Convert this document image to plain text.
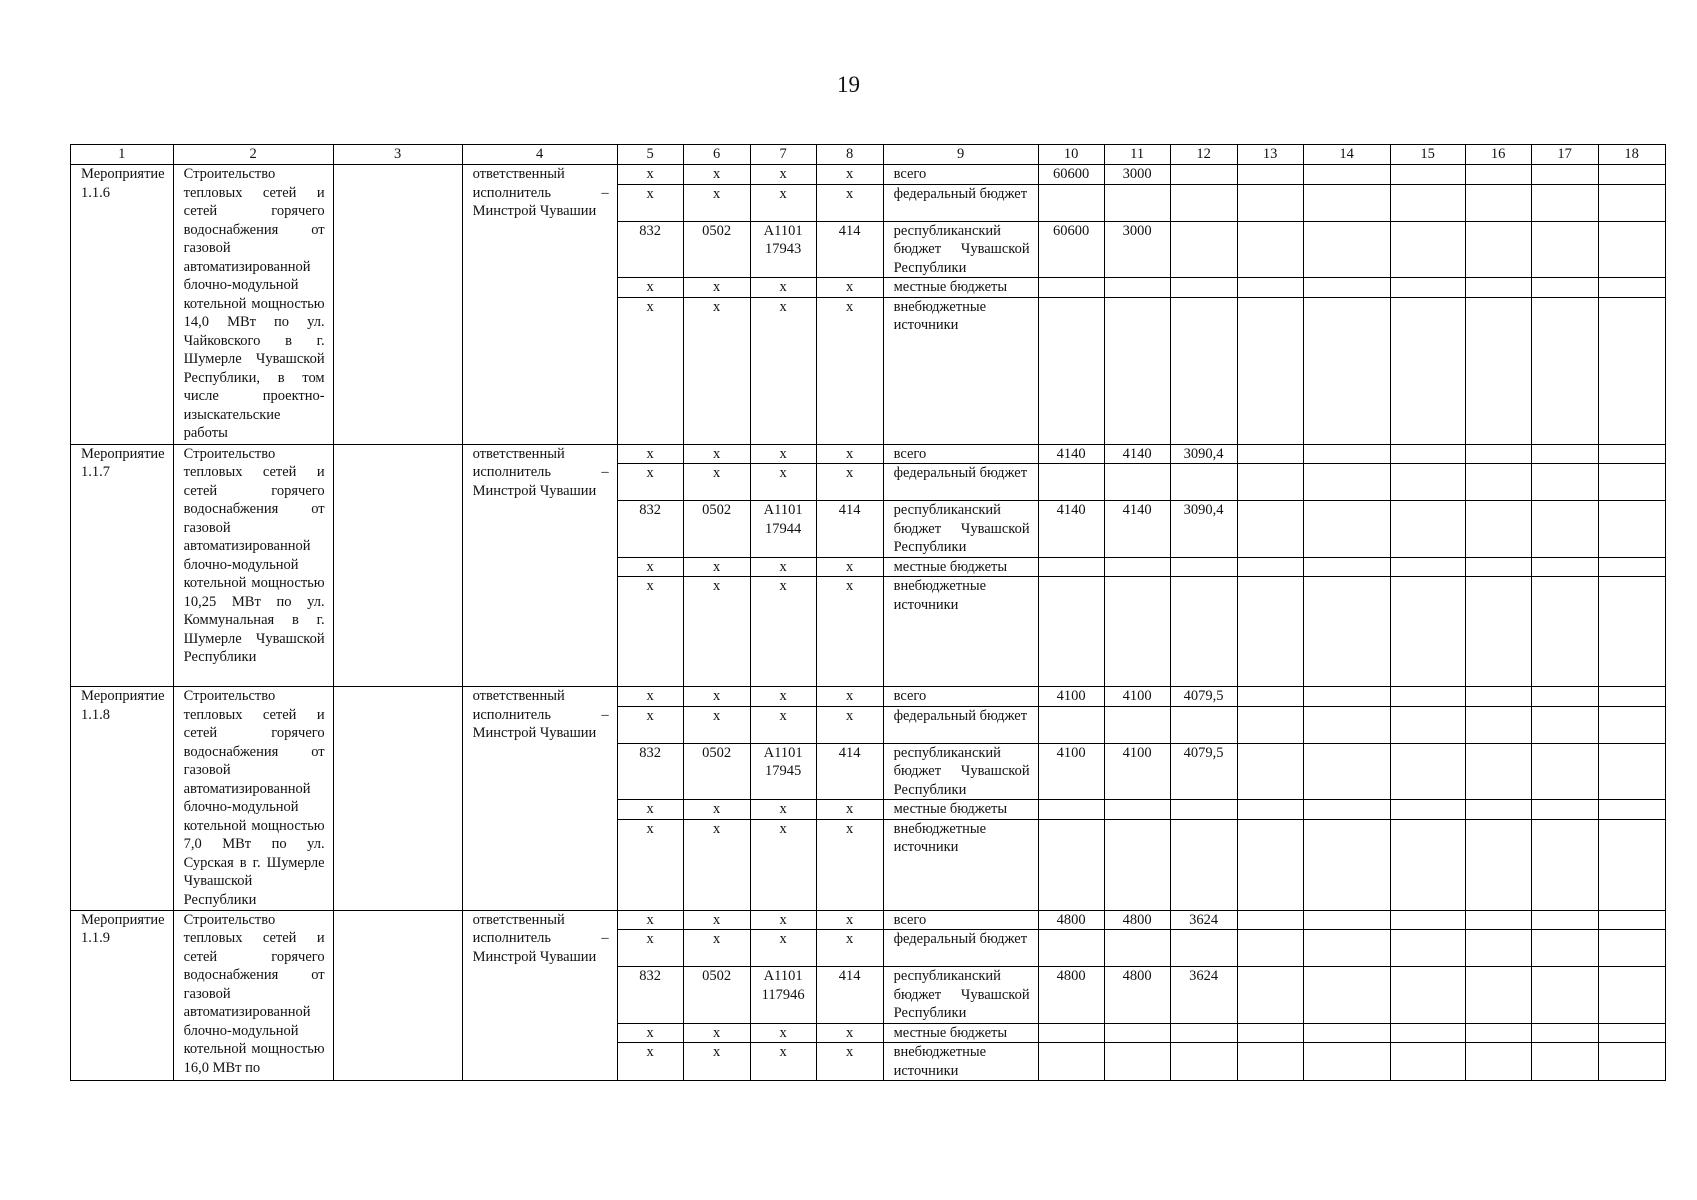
19
1	2	3	4	5	6	7	8	9	10	11	12	13	14	15	16	17	18
Мероприятие 1.1.6	Строительство тепловых сетей и сетей горячего водоснабжения от газовой автоматизированной блочно-модульной котельной мощностью 14,0 МВт по ул. Чайковского в г. Шумерле Чувашской Республики, в том числе проектно-изыскательские работы		ответственный исполнитель – Минстрой Чувашии	х	х	х	х	всего	60600	3000							
				х	х	х	х	федеральный бюджет									
				832	0502	А1101 17943	414	республиканский бюджет Чувашской Республики	60600	3000							
				х	х	х	х	местные бюджеты									
				х	х	х	х	внебюджетные источники									
Мероприятие 1.1.7	Строительство тепловых сетей и сетей горячего водоснабжения от газовой автоматизированной блочно-модульной котельной мощностью 10,25 МВт по ул. Коммунальная в г. Шумерле Чувашской Республики		ответственный исполнитель – Минстрой Чувашии	х	х	х	х	всего	4140	4140	3090,4						
				х	х	х	х	федеральный бюджет									
				832	0502	А1101 17944	414	республиканский бюджет Чувашской Республики	4140	4140	3090,4						
				х	х	х	х	местные бюджеты									
				х	х	х	х	внебюджетные источники									
Мероприятие 1.1.8	Строительство тепловых сетей и сетей горячего водоснабжения от газовой автоматизированной блочно-модульной котельной мощностью 7,0 МВт по ул. Сурская в г. Шумерле Чувашской Республики		ответственный исполнитель – Минстрой Чувашии	х	х	х	х	всего	4100	4100	4079,5						
				х	х	х	х	федеральный бюджет									
				832	0502	А1101 17945	414	республиканский бюджет Чувашской Республики	4100	4100	4079,5						
				х	х	х	х	местные бюджеты									
				х	х	х	х	внебюджетные источники									
Мероприятие 1.1.9	Строительство тепловых сетей и сетей горячего водоснабжения от газовой автоматизированной блочно-модульной котельной мощностью 16,0 МВт по		ответственный исполнитель – Минстрой Чувашии	х	х	х	х	всего	4800	4800	3624						
				х	х	х	х	федеральный бюджет									
				832	0502	А1101 117946	414	республиканский бюджет Чувашской Республики	4800	4800	3624						
				х	х	х	х	местные бюджеты									
				х	х	х	х	внебюджетные источники									
